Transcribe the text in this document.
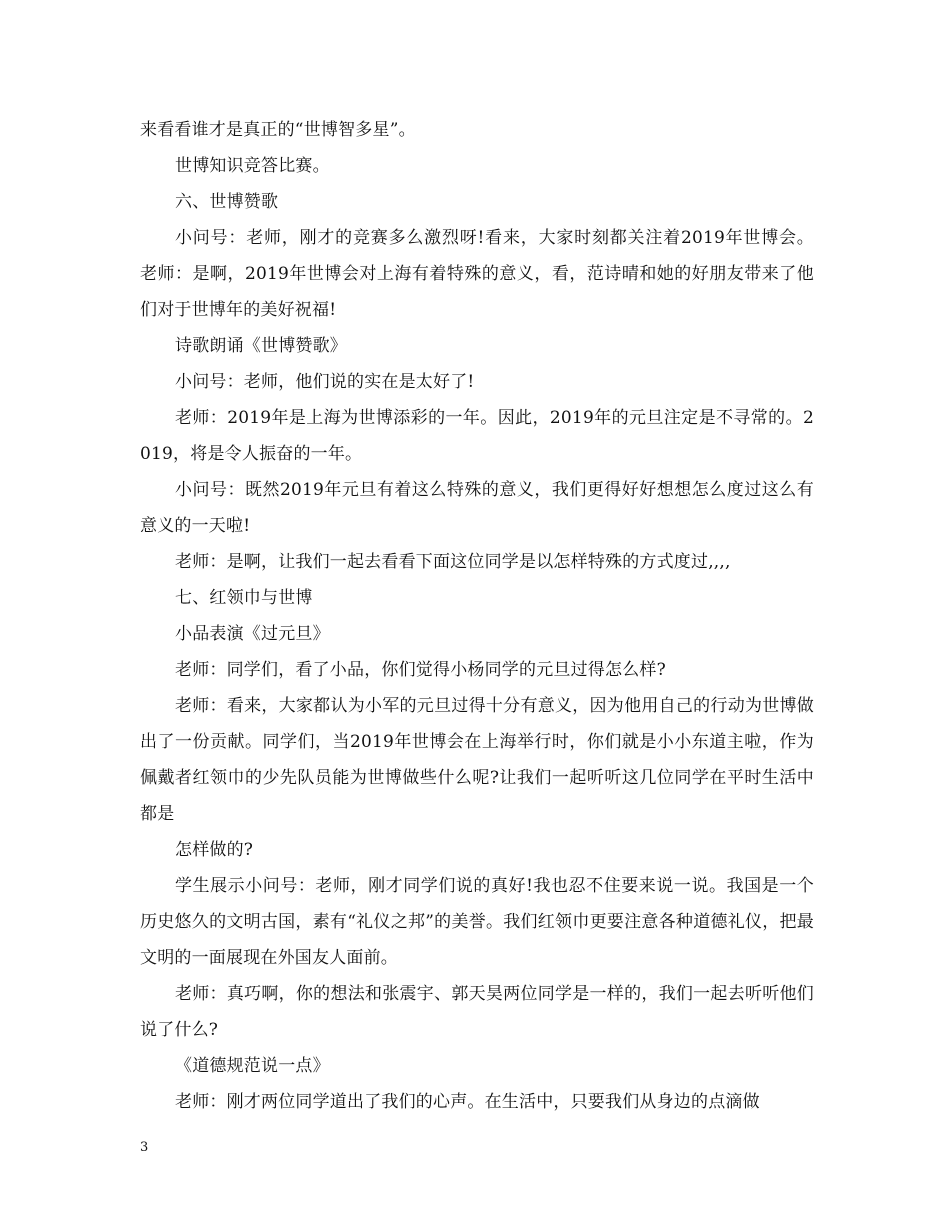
来看看谁才是真正的“世博智多星”。

世博知识竞答比赛。

六、世博赞歌

小问号：老师，刚才的竞赛多么激烈呀!看来，大家时刻都关注着2019年世博会。 老师：是啊，2019年世博会对上海有着特殊的意义，看，范诗晴和她的好朋友带来了他们对于世博年的美好祝福!

诗歌朗诵《世博赞歌》

小问号：老师，他们说的实在是太好了!

老师：2019年是上海为世博添彩的一年。因此，2019年的元旦注定是不寻常的。2019，将是令人振奋的一年。

小问号：既然2019年元旦有着这么特殊的意义，我们更得好好想想怎么度过这么有意义的一天啦!

老师：是啊，让我们一起去看看下面这位同学是以怎样特殊的方式度过,,,,

七、红领巾与世博

小品表演《过元旦》

老师：同学们，看了小品，你们觉得小杨同学的元旦过得怎么样?

老师：看来，大家都认为小军的元旦过得十分有意义，因为他用自己的行动为世博做出了一份贡献。同学们，当2019年世博会在上海举行时，你们就是小小东道主啦，作为佩戴者红领巾的少先队员能为世博做些什么呢?让我们一起听听这几位同学在平时生活中都是

怎样做的?

学生展示小问号：老师，刚才同学们说的真好!我也忍不住要来说一说。我国是一个历史悠久的文明古国，素有“礼仪之邦”的美誉。我们红领巾更要注意各种道德礼仪，把最文明的一面展现在外国友人面前。

老师：真巧啊，你的想法和张震宇、郭天昊两位同学是一样的，我们一起去听听他们说了什么?

《道德规范说一点》

老师：刚才两位同学道出了我们的心声。在生活中，只要我们从身边的点滴做

3
